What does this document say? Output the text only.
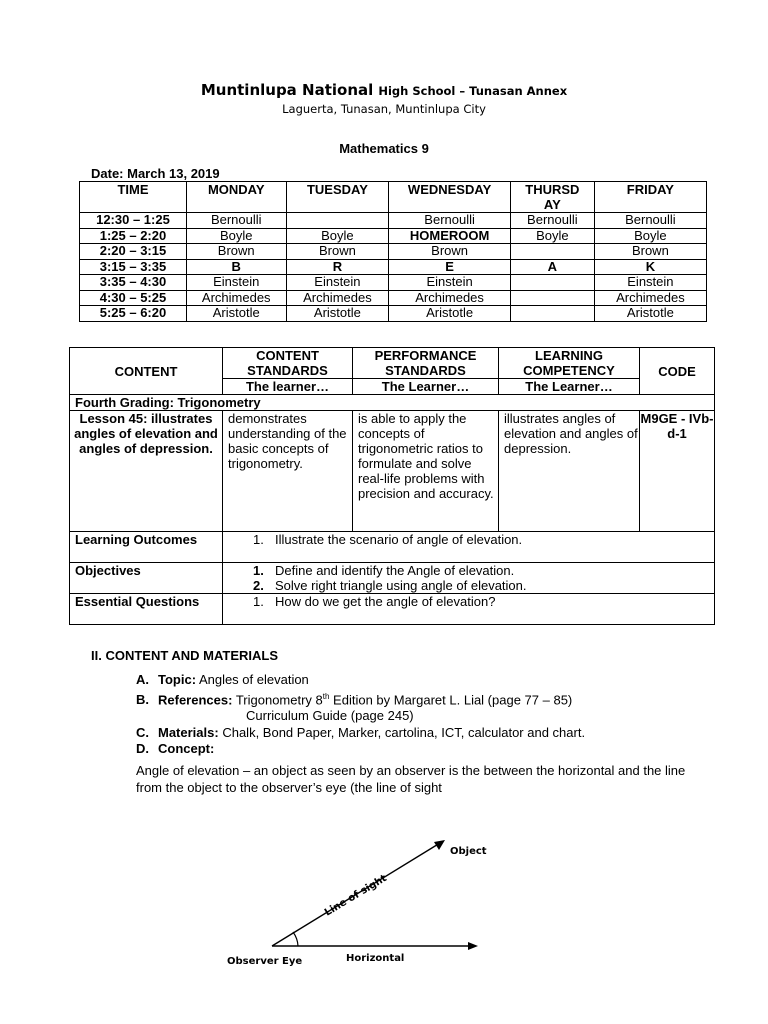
Muntinlupa National High School – Tunasan Annex
Laguerta, Tunasan, Muntinlupa City
Mathematics 9
Date: March 13, 2019
TIME	MONDAY	TUESDAY	WEDNESDAY	THURSD AY	FRIDAY
12:30 – 1:25	Bernoulli		Bernoulli	Bernoulli	Bernoulli
1:25 – 2:20	Boyle	Boyle	HOMEROOM	Boyle	Boyle
2:20 – 3:15	Brown	Brown	Brown		Brown
3:15 – 3:35	B	R	E	A	K
3:35 – 4:30	Einstein	Einstein	Einstein		Einstein
4:30 – 5:25	Archimedes	Archimedes	Archimedes		Archimedes
5:25 – 6:20	Aristotle	Aristotle	Aristotle		Aristotle
CONTENT	CONTENT STANDARDS	PERFORMANCE STANDARDS	LEARNING COMPETENCY	CODE
	The learner…	The Learner…	The Learner…	
Fourth Grading: Trigonometry				
Lesson 45: illustrates angles of elevation and angles of depression.	demonstrates understanding of the basic concepts of trigonometry.	is able to apply the concepts of trigonometric ratios to formulate and solve real-life problems with precision and accuracy.	illustrates angles of elevation and angles of depression.	M9GE - IVb-d-1
Learning Outcomes	1. Illustrate the scenario of angle of elevation.			

Objectives	1. Define and identify the Angle of elevation.
2. Solve right triangle using angle of elevation.			

Essential Questions	1. How do we get the angle of elevation?			
II. CONTENT AND MATERIALS
A. Topic: Angles of elevation
B. References: Trigonometry 8th Edition by Margaret L. Lial (page 77 – 85)
Curriculum Guide (page 245)
C. Materials: Chalk, Bond Paper, Marker, cartolina, ICT, calculator and chart.
D. Concept:
Angle of elevation – an object as seen by an observer is the between the horizontal and the line from the object to the observer’s eye (the line of sight
Object
Line of sight
Observer Eye	Horizontal
